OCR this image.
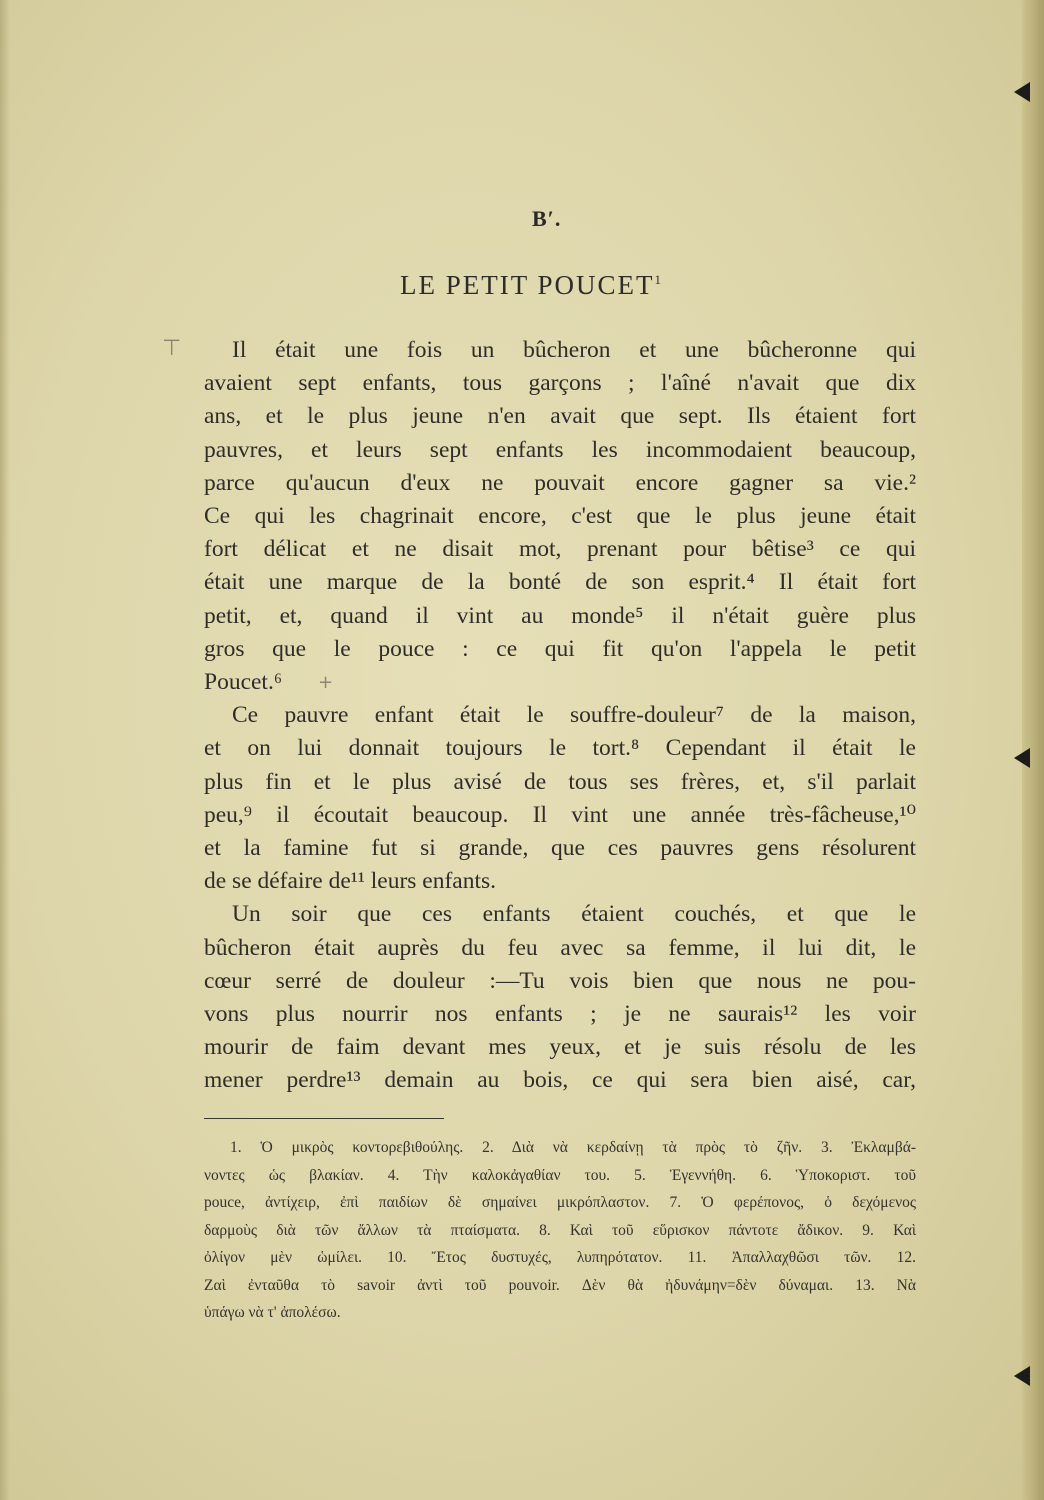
⊤
+
B′.
LE PETIT POUCET$^1$

Il était une fois un bûcheron et une bûcheronne qui
avaient sept enfants, tous garçons ; l'aîné n'avait que dix
ans, et le plus jeune n'en avait que sept. Ils étaient fort
pauvres, et leurs sept enfants les incommodaient beaucoup,
parce qu'aucun d'eux ne pouvait encore gagner sa vie.²
Ce qui les chagrinait encore, c'est que le plus jeune était
fort délicat et ne disait mot, prenant pour bêtise³ ce qui
était une marque de la bonté de son esprit.⁴ Il était fort
petit, et, quand il vint au monde⁵ il n'était guère plus
gros que le pouce : ce qui fit qu'on l'appela le petit
Poucet.⁶

Ce pauvre enfant était le souffre-douleur⁷ de la maison,
et on lui donnait toujours le tort.⁸ Cependant il était le
plus fin et le plus avisé de tous ses frères, et, s'il parlait
peu,⁹ il écoutait beaucoup. Il vint une année très-fâcheuse,¹⁰
et la famine fut si grande, que ces pauvres gens résolurent
de se défaire de¹¹ leurs enfants.

Un soir que ces enfants étaient couchés, et que le
bûcheron était auprès du feu avec sa femme, il lui dit, le
cœur serré de douleur :—Tu vois bien que nous ne pou-
vons plus nourrir nos enfants ; je ne saurais¹² les voir
mourir de faim devant mes yeux, et je suis résolu de les
mener perdre¹³ demain au bois, ce qui sera bien aisé, car,

1. Ὁ μικρὸς κοντορεβιθούλης. 2. Διὰ νὰ κερδαίνῃ τὰ πρὸς τὸ ζῆν. 3. Ἐκλαμβά-
νοντες ὡς βλακίαν. 4. Τὴν καλοκἀγαθίαν του. 5. Ἐγεννήθη. 6. Ὑποκοριστ. τοῦ
pouce, ἀντίχειρ, ἐπὶ παιδίων δὲ σημαίνει μικρόπλαστον. 7. Ὁ φερέπονος, ὁ δεχόμενος
δαρμοὺς διὰ τῶν ἄλλων τὰ πταίσματα. 8. Καὶ τοῦ εὕρισκον πάντοτε ἄδικον. 9. Καὶ
ὀλίγον μὲν ὡμίλει. 10. Ἔτος δυστυχές, λυπηρότατον. 11. Ἀπαλλαχθῶσι τῶν. 12.
Ζαὶ ἐνταῦθα τὸ savoir ἀντὶ τοῦ pouvoir. Δὲν θὰ ἠδυνάμην=δὲν δύναμαι. 13. Νὰ
ὑπάγω νὰ τ' ἀπολέσω.
